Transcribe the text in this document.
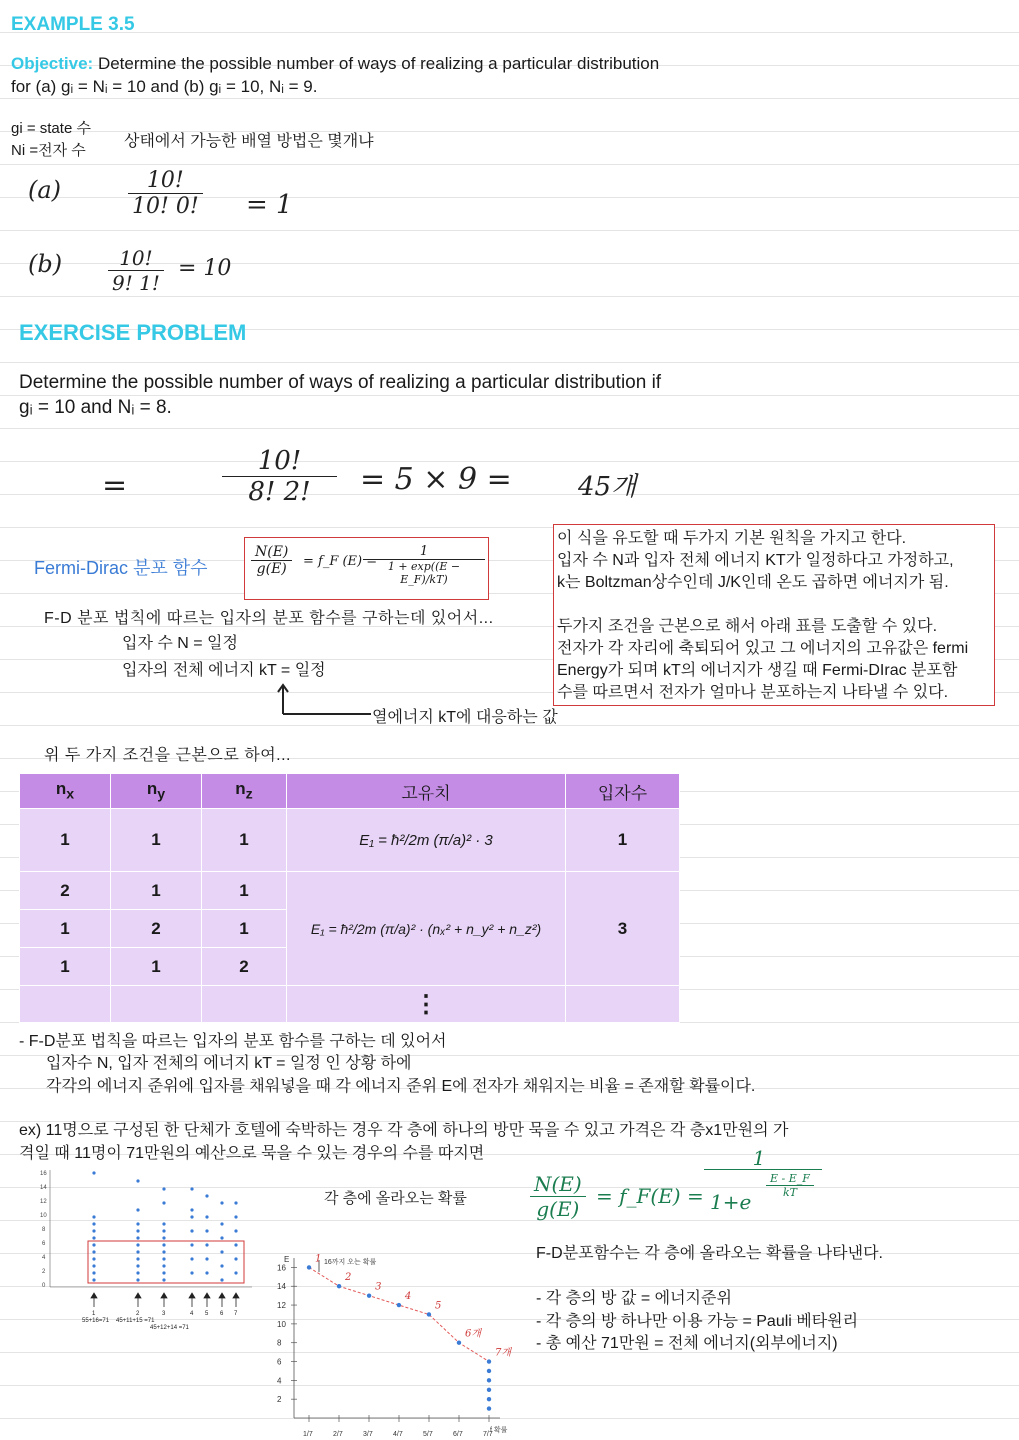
EXAMPLE 3.5
Objective: Determine the possible number of ways of realizing a particular distribution
for (a) gᵢ = Nᵢ = 10 and (b) gᵢ = 10, Nᵢ = 9.
gi = state 수
Ni =전자 수
상태에서 가능한 배열 방법은 몇개냐
(a)	$\frac{10!}{10! 0!} = 1$
$(b) \frac{10!}{9! 1!} = 10$
EXERCISE PROBLEM
Determine the possible number of ways of realizing a particular distribution if
gᵢ = 10 and Nᵢ = 8.
=	$\frac{10!}{8! 2!} = 5 \times 9$ =	45개
Fermi-Dirac 분포 함수	$\frac{N(E)}{g(E)}$ = f_F (E) =
$\frac{1}{1 + \exp((E - E\_F)/kT)}$
F-D 분포 법칙에 따르는 입자의 분포 함수를 구하는데 있어서...
입자 수 N = 일정
입자의 전체 에너지 kT = 일정
열에너지 kT에 대응하는 값
위 두 가지 조건을 근본으로 하여...
이 식을 유도할 때 두가지 기본 원칙을 가지고 한다.
입자 수 N과 입자 전체 에너지 KT가 일정하다고 가정하고,
k는 Boltzman상수인데 J/K인데 온도 곱하면 에너지가 됨.
두가지 조건을 근본으로 해서 아래 표를 도출할 수 있다.
전자가 각 자리에 축퇴되어 있고 그 에너지의 고유값은 fermi
Energy가 되며 kT의 에너지가 생길 때 Fermi-DIrac 분포함
수를 따르면서 전자가 얼마나 분포하는지 나타낼 수 있다.
$n_x$	$n_y$	$n_z$	고유치	입자수
1	1	1	E₁ = ħ²/2m (π/a)² · 3	1
2	1	1	E₁ = ħ²/2m (π/a)² · (nₓ² + n_y² + n_z²)	3
1	2	1		
1	1	2		
			⋮	
- F-D분포 법칙을 따르는 입자의 분포 함수를 구하는 데 있어서
입자수 N, 입자 전체의 에너지 kT = 일정 인 상황 하에
각각의 에너지 준위에 입자를 채워넣을 때 각 에너지 준위 E에 전자가 채워지는 비율 = 존재할 확률이다.
ex) 11명으로 구성된 한 단체가 호텔에 숙박하는 경우 각 층에 하나의 방만 묵을 수 있고 가격은 각 층x1만원의 가
격일 때 11명이 71만원의 예산으로 묵을 수 있는 경우의 수를 따지면
16
14
12
10
8
6
4
2
0
1
55+16=71
2
45+11+15 =71
3
45+12+14 =71
4 5 6 7
각 층에 올라오는 확률
E
f 확률
16까지 오는 확률
2
4
6
8
10
12
14
16
1/7	2/7	3/7	4/7	5/7	6/7	7/7
1
2
3
4
5
6개
7개
$\frac{N(E)}{g(E)}$ = f_F(E) =
1
1+e
$\frac{E - E\_F}{kT}$
F-D분포함수는 각 층에 올라오는 확률을 나타낸다.
- 각 층의 방 값 = 에너지준위
- 각 층의 방 하나만 이용 가능 = Pauli 베타원리
- 총 예산 71만원 = 전체 에너지(외부에너지)
